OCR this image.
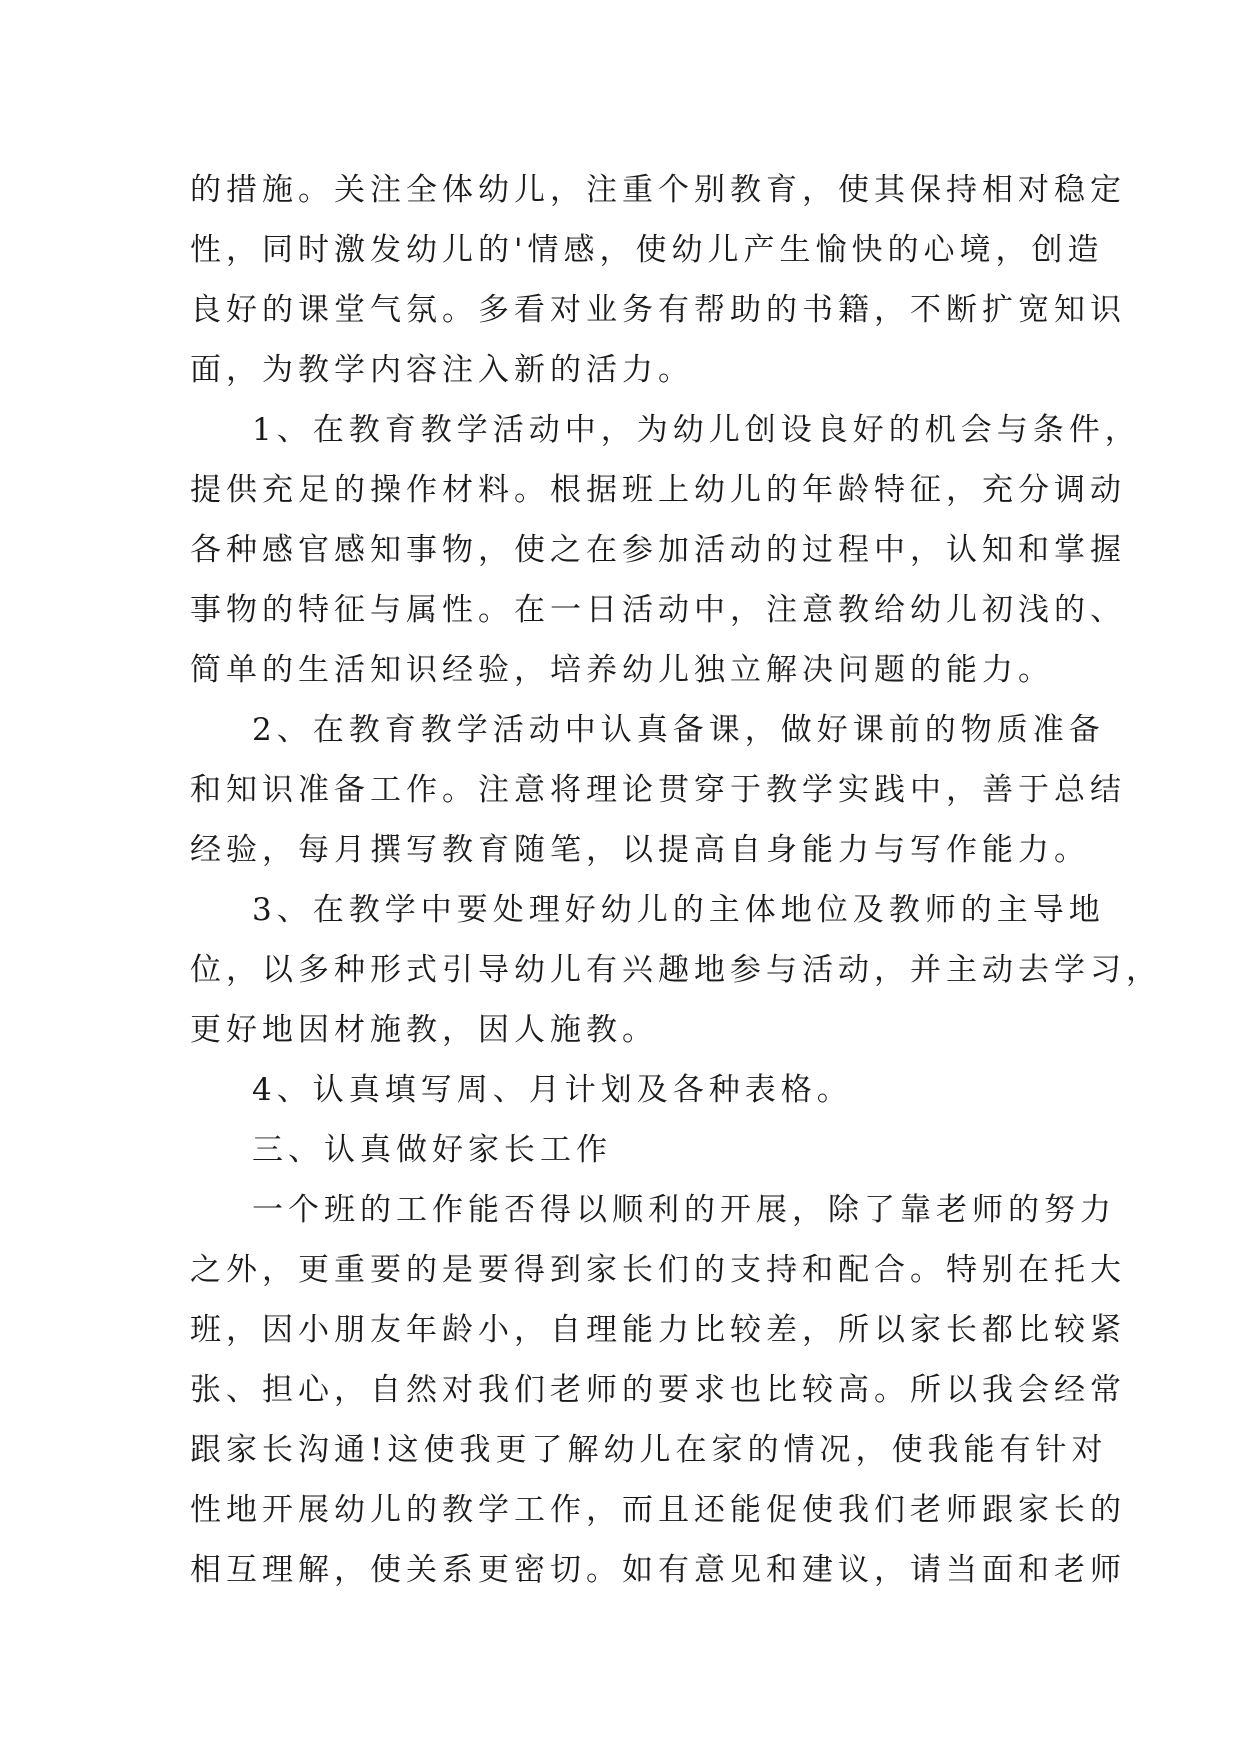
的措施。关注全体幼儿，注重个别教育，使其保持相对稳定
性，同时激发幼儿的'情感，使幼儿产生愉快的心境，创造
良好的课堂气氛。多看对业务有帮助的书籍，不断扩宽知识
面，为教学内容注入新的活力。
1、在教育教学活动中，为幼儿创设良好的机会与条件，
提供充足的操作材料。根据班上幼儿的年龄特征，充分调动
各种感官感知事物，使之在参加活动的过程中，认知和掌握
事物的特征与属性。在一日活动中，注意教给幼儿初浅的、
简单的生活知识经验，培养幼儿独立解决问题的能力。
2、在教育教学活动中认真备课，做好课前的物质准备
和知识准备工作。注意将理论贯穿于教学实践中，善于总结
经验，每月撰写教育随笔，以提高自身能力与写作能力。
3、在教学中要处理好幼儿的主体地位及教师的主导地
位，以多种形式引导幼儿有兴趣地参与活动，并主动去学习，
更好地因材施教，因人施教。
4、认真填写周、月计划及各种表格。
三、认真做好家长工作
一个班的工作能否得以顺利的开展，除了靠老师的努力
之外，更重要的是要得到家长们的支持和配合。特别在托大
班，因小朋友年龄小，自理能力比较差，所以家长都比较紧
张、担心，自然对我们老师的要求也比较高。所以我会经常
跟家长沟通!这使我更了解幼儿在家的情况，使我能有针对
性地开展幼儿的教学工作，而且还能促使我们老师跟家长的
相互理解，使关系更密切。如有意见和建议，请当面和老师
